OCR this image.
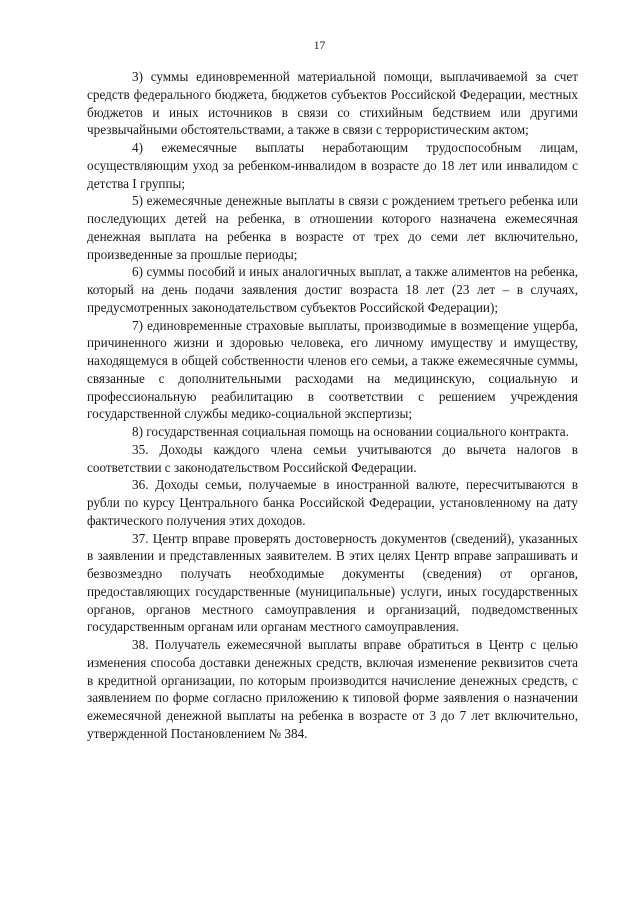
17

3) суммы единовременной материальной помощи, выплачиваемой за счет средств федерального бюджета, бюджетов субъектов Российской Федерации, местных бюджетов и иных источников в связи со стихийным бедствием или другими чрезвычайными обстоятельствами, а также в связи с террористическим актом;

4) ежемесячные выплаты неработающим трудоспособным лицам, осуществляющим уход за ребенком-инвалидом в возрасте до 18 лет или инвалидом с детства I группы;

5) ежемесячные денежные выплаты в связи с рождением третьего ребенка или последующих детей на ребенка, в отношении которого назначена ежемесячная денежная выплата на ребенка в возрасте от трех до семи лет включительно, произведенные за прошлые периоды;

6) суммы пособий и иных аналогичных выплат, а также алиментов на ребенка, который на день подачи заявления достиг возраста 18 лет (23 лет – в случаях, предусмотренных законодательством субъектов Российской Федерации);

7) единовременные страховые выплаты, производимые в возмещение ущерба, причиненного жизни и здоровью человека, его личному имуществу и имуществу, находящемуся в общей собственности членов его семьи, а также ежемесячные суммы, связанные с дополнительными расходами на медицинскую, социальную и профессиональную реабилитацию в соответствии с решением учреждения государственной службы медико-социальной экспертизы;

8) государственная социальная помощь на основании социального контракта.

35. Доходы каждого члена семьи учитываются до вычета налогов в соответствии с законодательством Российской Федерации.

36. Доходы семьи, получаемые в иностранной валюте, пересчитываются в рубли по курсу Центрального банка Российской Федерации, установленному на дату фактического получения этих доходов.

37. Центр вправе проверять достоверность документов (сведений), указанных в заявлении и представленных заявителем. В этих целях Центр вправе запрашивать и безвозмездно получать необходимые документы (сведения) от органов, предоставляющих государственные (муниципальные) услуги, иных государственных органов, органов местного самоуправления и организаций, подведомственных государственным органам или органам местного самоуправления.

38. Получатель ежемесячной выплаты вправе обратиться в Центр с целью изменения способа доставки денежных средств, включая изменение реквизитов счета в кредитной организации, по которым производится начисление денежных средств, с заявлением по форме согласно приложению к типовой форме заявления о назначении ежемесячной денежной выплаты на ребенка в возрасте от 3 до 7 лет включительно, утвержденной Постановлением № 384.
